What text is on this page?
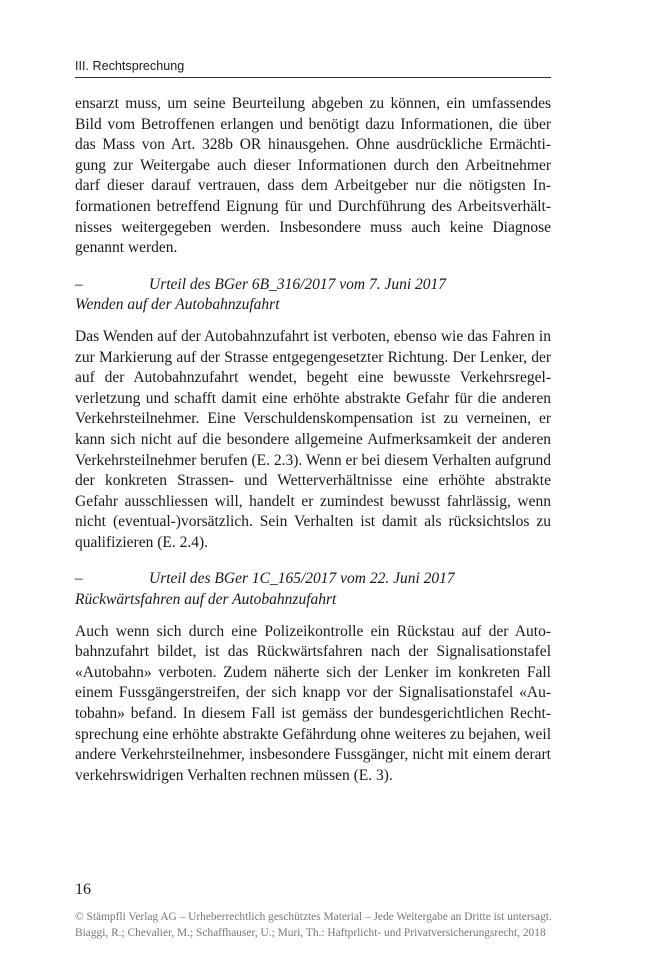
III. Rechtsprechung

ensarzt muss, um seine Beurteilung abgeben zu können, ein umfassendes Bild vom Betroffenen erlangen und benötigt dazu Informationen, die über das Mass von Art. 328b OR hinausgehen. Ohne ausdrückliche Ermächtigung zur Weitergabe auch dieser Informationen durch den Arbeitnehmer darf dieser darauf vertrauen, dass dem Arbeitgeber nur die nötigsten Informationen betreffend Eignung für und Durchführung des Arbeitsverhältnisses weitergegeben werden. Insbesondere muss auch keine Diagnose genannt werden.

–	Urteil des BGer 6B_316/2017 vom 7. Juni 2017

Wenden auf der Autobahnzufahrt

Das Wenden auf der Autobahnzufahrt ist verboten, ebenso wie das Fahren in zur Markierung auf der Strasse entgegengesetzter Richtung. Der Lenker, der auf der Autobahnzufahrt wendet, begeht eine bewusste Verkehrsregelverletzung und schafft damit eine erhöhte abstrakte Gefahr für die anderen Verkehrsteilnehmer. Eine Verschuldenskompensation ist zu verneinen, er kann sich nicht auf die besondere allgemeine Aufmerksamkeit der anderen Verkehrsteilnehmer berufen (E. 2.3). Wenn er bei diesem Verhalten aufgrund der konkreten Strassen- und Wetterverhältnisse eine erhöhte abstrakte Gefahr ausschliessen will, handelt er zumindest bewusst fahrlässig, wenn nicht (eventual-)vorsätzlich. Sein Verhalten ist damit als rücksichtslos zu qualifizieren (E. 2.4).

–	Urteil des BGer 1C_165/2017 vom 22. Juni 2017

Rückwärtsfahren auf der Autobahnzufahrt

Auch wenn sich durch eine Polizeikontrolle ein Rückstau auf der Autobahnzufahrt bildet, ist das Rückwärtsfahren nach der Signalisationstafel «Autobahn» verboten. Zudem näherte sich der Lenker im konkreten Fall einem Fussgängerstreifen, der sich knapp vor der Signalisationstafel «Autobahn» befand. In diesem Fall ist gemäss der bundesgerichtlichen Rechtsprechung eine erhöhte abstrakte Gefährdung ohne weiteres zu bejahen, weil andere Verkehrsteilnehmer, insbesondere Fussgänger, nicht mit einem derart verkehrswidrigen Verhalten rechnen müssen (E. 3).

16
© Stämpfli Verlag AG – Urheberrechtlich geschütztes Material – Jede Weitergabe an Dritte ist untersagt.
Biaggi, R.; Chevalier, M.; Schaffhauser, U.; Muri, Th.: Haftprlicht- und Privatversicherungsrecht, 2018
